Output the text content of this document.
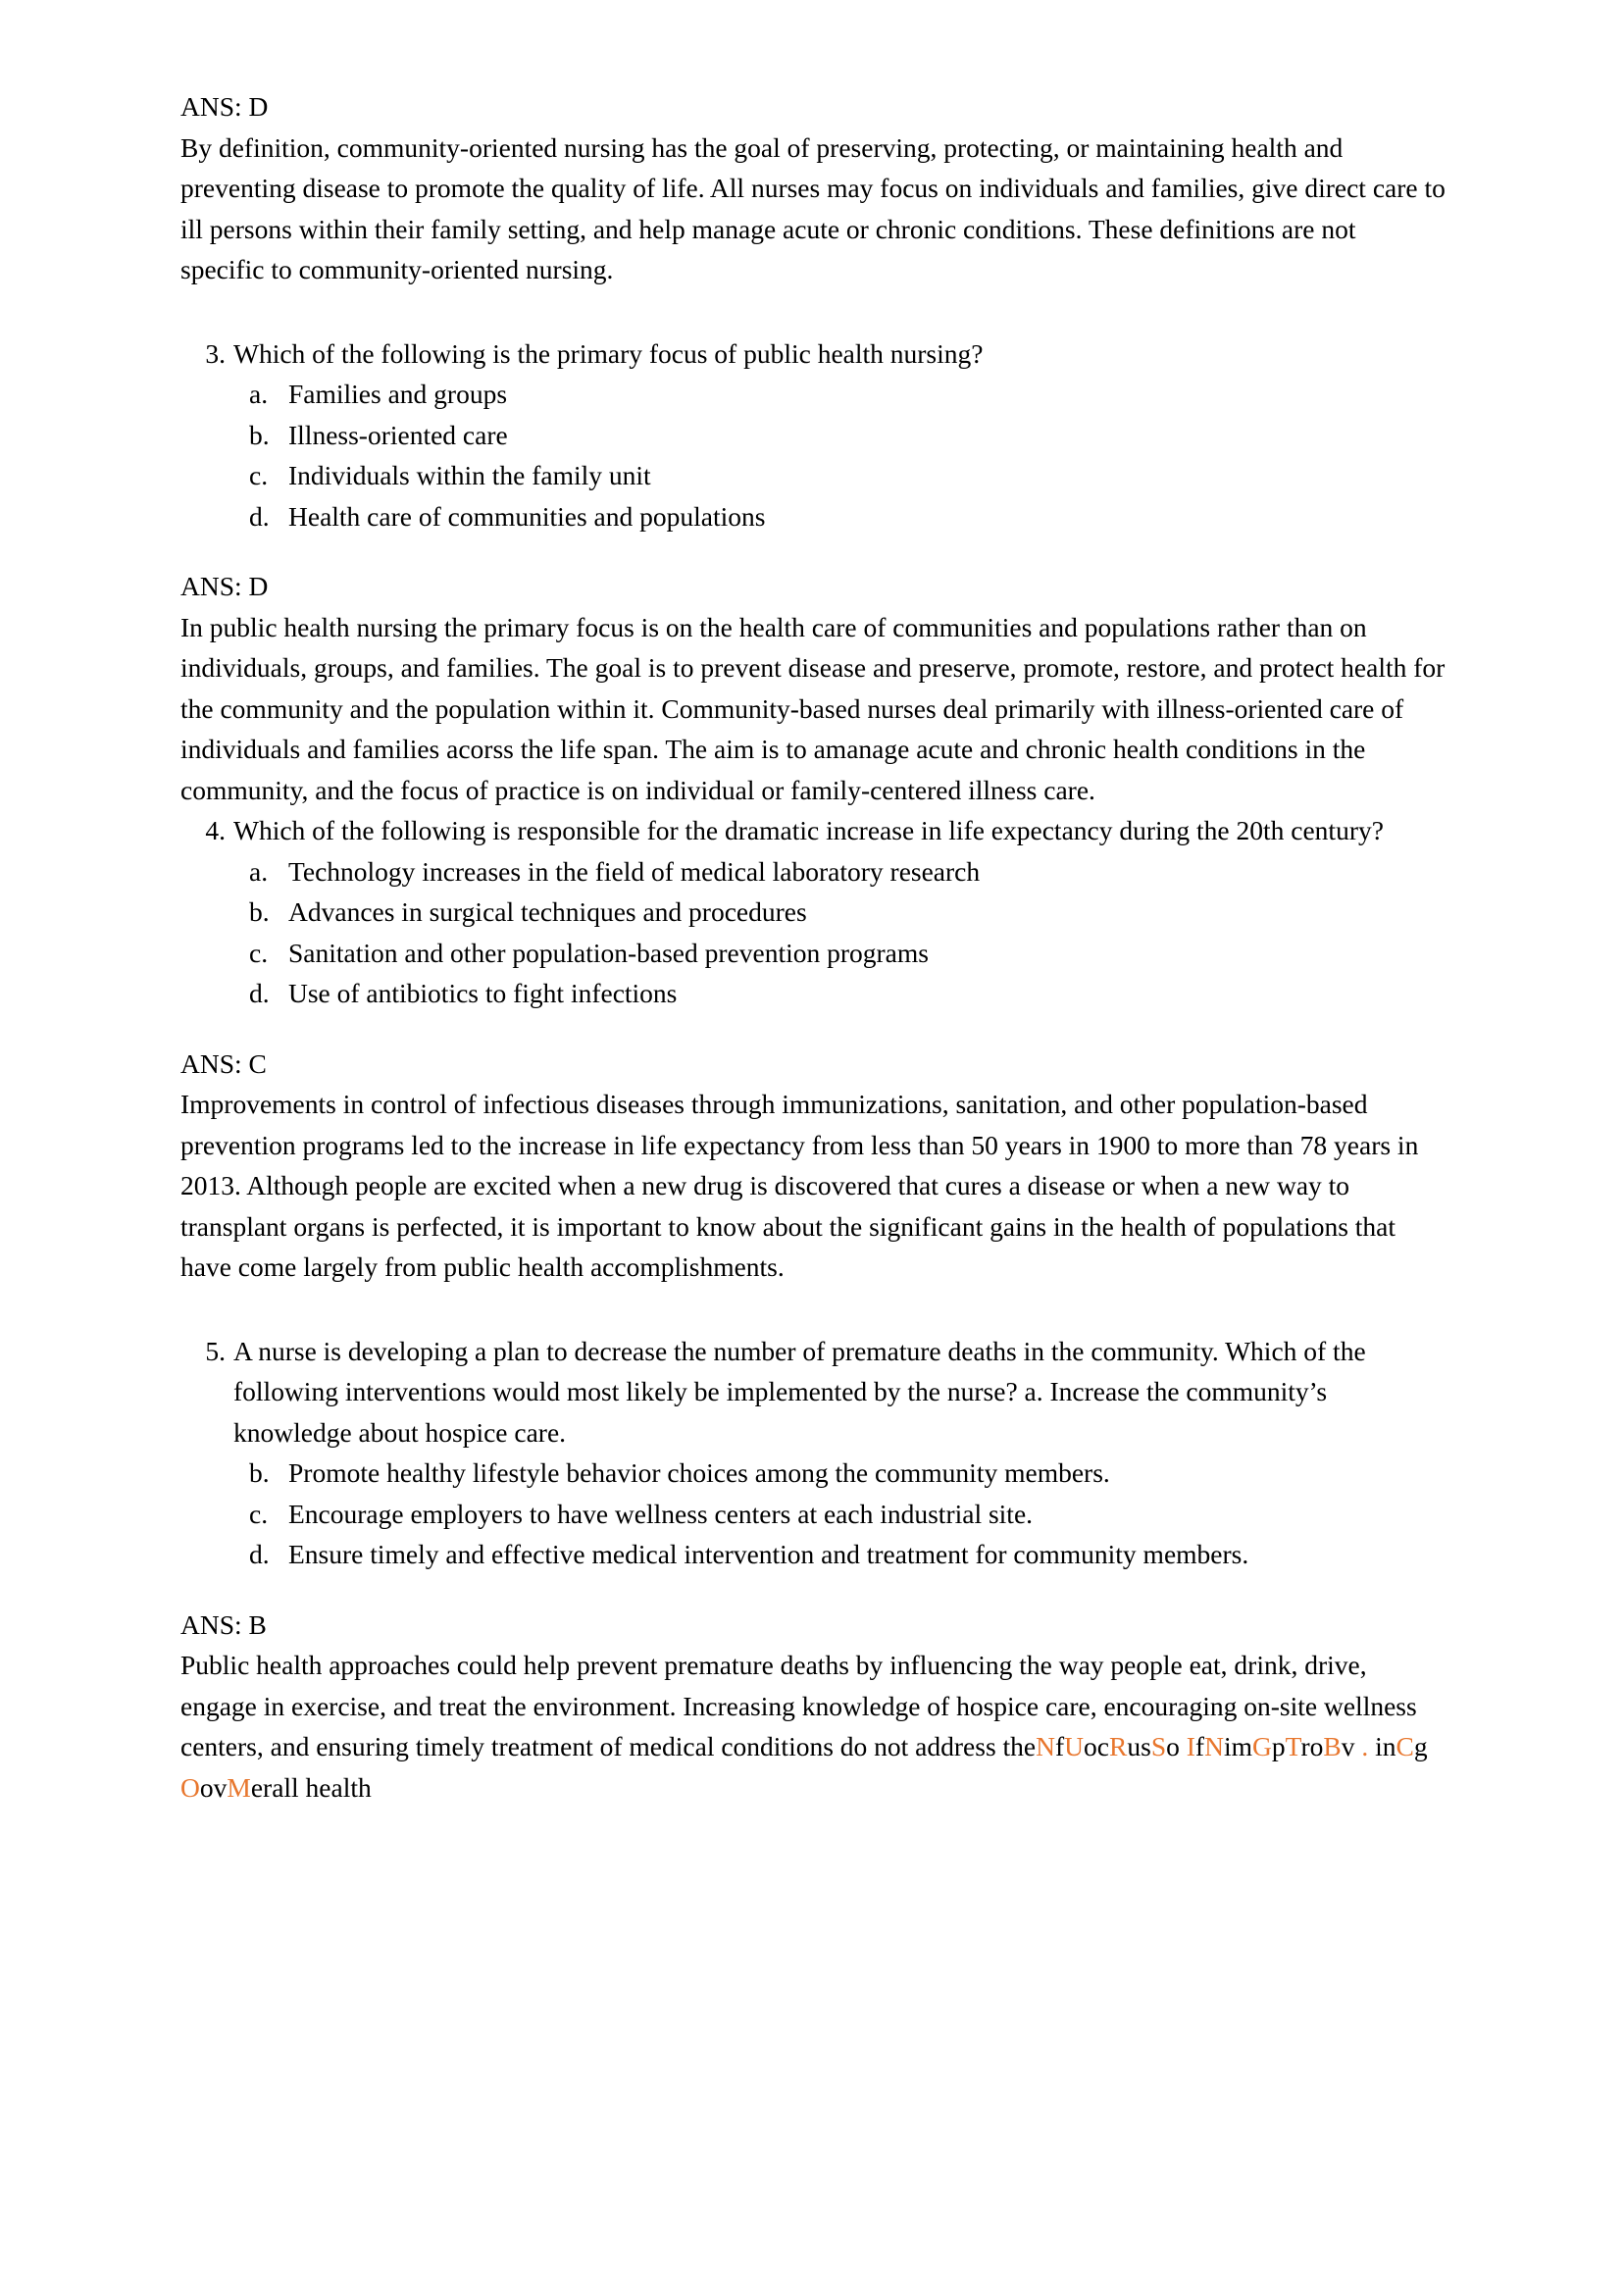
ANS: D

By definition, community-oriented nursing has the goal of preserving, protecting, or maintaining health and preventing disease to promote the quality of life. All nurses may focus on individuals and families, give direct care to ill persons within their family setting, and help manage acute or chronic conditions. These definitions are not specific to community-oriented nursing.

3. Which of the following is the primary focus of public health nursing?
a. Families and groups
b. Illness-oriented care
c. Individuals within the family unit
d. Health care of communities and populations

ANS: D

In public health nursing the primary focus is on the health care of communities and populations rather than on individuals, groups, and families. The goal is to prevent disease and preserve, promote, restore, and protect health for the community and the population within it. Community-based nurses deal primarily with illness-oriented care of individuals and families acorss the life span. The aim is to amanage acute and chronic health conditions in the community, and the focus of practice is on individual or family-centered illness care.

4. Which of the following is responsible for the dramatic increase in life expectancy during the 20th century?
a. Technology increases in the field of medical laboratory research
b. Advances in surgical techniques and procedures
c. Sanitation and other population-based prevention programs
d. Use of antibiotics to fight infections

ANS: C

Improvements in control of infectious diseases through immunizations, sanitation, and other population-based prevention programs led to the increase in life expectancy from less than 50 years in 1900 to more than 78 years in 2013. Although people are excited when a new drug is discovered that cures a disease or when a new way to transplant organs is perfected, it is important to know about the significant gains in the health of populations that have come largely from public health accomplishments.

5. A nurse is developing a plan to decrease the number of premature deaths in the community. Which of the following interventions would most likely be implemented by the nurse? a. Increase the community’s knowledge about hospice care.
b. Promote healthy lifestyle behavior choices among the community members.
c. Encourage employers to have wellness centers at each industrial site.
d. Ensure timely and effective medical intervention and treatment for community members.

ANS: B

Public health approaches could help prevent premature deaths by influencing the way people eat, drink, drive, engage in exercise, and treat the environment. Increasing knowledge of hospice care, encouraging on-site wellness centers, and ensuring timely treatment of medical conditions do not address theNfUocRusSo IfNimGpTroBv . inCg OovMerall health
